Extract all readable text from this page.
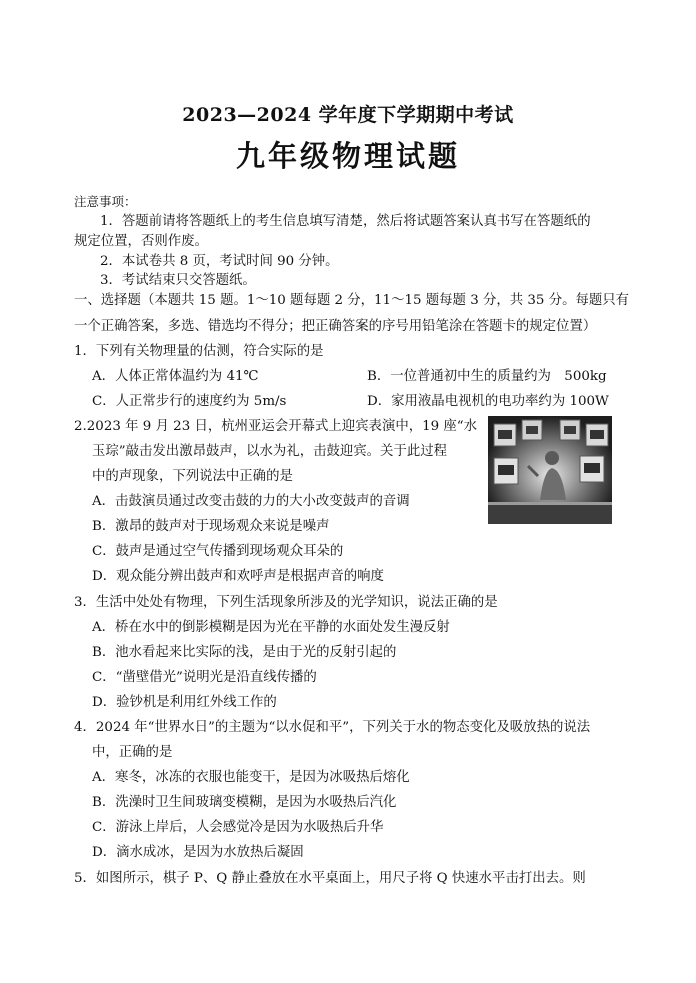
2023—2024 学年度下学期期中考试
九年级物理试题
注意事项：
1．答题前请将答题纸上的考生信息填写清楚，然后将试题答案认真书写在答题纸的
规定位置，否则作废。
2．本试卷共 8 页，考试时间 90 分钟。
3．考试结束只交答题纸。
一、选择题（本题共 15 题。1～10 题每题 2 分，11～15 题每题 3 分，共 35 分。每题只有
一个正确答案，多选、错选均不得分；把正确答案的序号用铅笔涂在答题卡的规定位置）
1．下列有关物理量的估测，符合实际的是
A．人体正常体温约为 41℃	B．一位普通初中生的质量约为　500kg
C．人正常步行的速度约为 5m/s	D．家用液晶电视机的电功率约为 100W
2.2023 年 9 月 23 日，杭州亚运会开幕式上迎宾表演中，19 座“水
玉琮”敲击发出激昂鼓声，以水为礼，击鼓迎宾。关于此过程
中的声现象，下列说法中正确的是
A．击鼓演员通过改变击鼓的力的大小改变鼓声的音调
B．激昂的鼓声对于现场观众来说是噪声
C．鼓声是通过空气传播到现场观众耳朵的
D．观众能分辨出鼓声和欢呼声是根据声音的响度
3．生活中处处有物理，下列生活现象所涉及的光学知识，说法正确的是
A．桥在水中的倒影模糊是因为光在平静的水面处发生漫反射
B．池水看起来比实际的浅，是由于光的反射引起的
C．“凿壁借光”说明光是沿直线传播的
D．验钞机是利用红外线工作的
4．2024 年“世界水日”的主题为“以水促和平”，下列关于水的物态变化及吸放热的说法
中，正确的是
A．寒冬，冰冻的衣服也能变干，是因为冰吸热后熔化
B．洗澡时卫生间玻璃变模糊，是因为水吸热后汽化
C．游泳上岸后，人会感觉冷是因为水吸热后升华
D．滴水成冰，是因为水放热后凝固
5．如图所示，棋子 P、Q 静止叠放在水平桌面上，用尺子将 Q 快速水平击打出去。则
